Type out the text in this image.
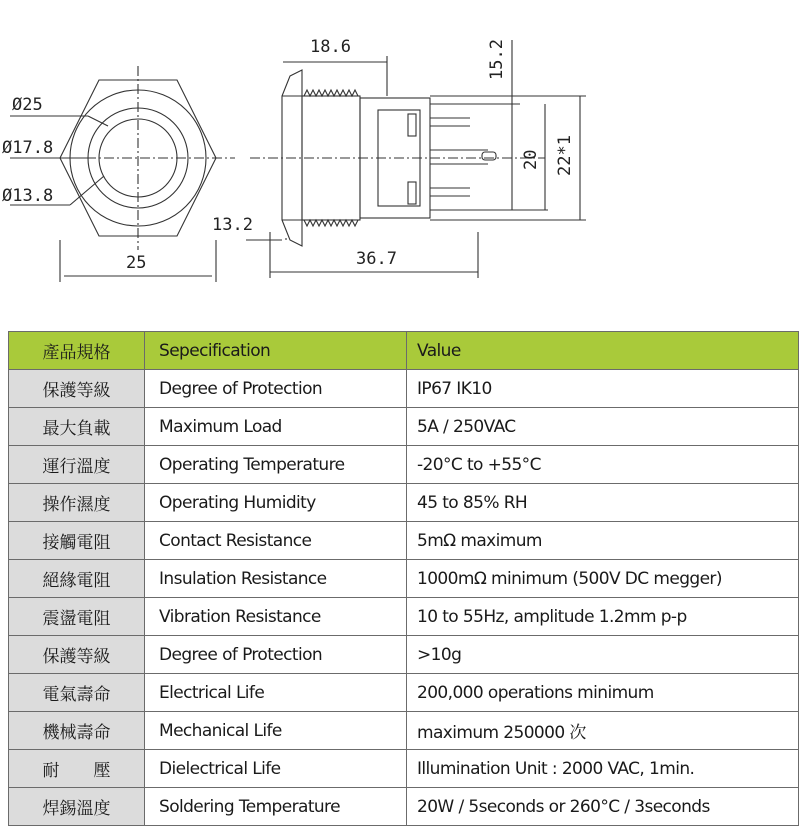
Ø25
Ø17.8
Ø13.8
25
18.6
13.2
36.7
15.2
20 22*1
產品規格	Sepecification	Value
保護等級	Degree of Protection	IP67 IK10
最大負載	Maximum Load	5A / 250VAC
運行溫度	Operating Temperature	-20°C to +55°C
操作濕度	Operating Humidity	45 to 85% RH
接觸電阻	Contact Resistance	5mΩ maximum
絕緣電阻	Insulation Resistance	1000mΩ minimum (500V DC megger)
震盪電阻	Vibration Resistance	10 to 55Hz, amplitude 1.2mm p-p
保護等級	Degree of Protection	>10g
電氣壽命	Electrical Life	200,000 operations minimum
機械壽命	Mechanical Life	maximum 250000 次
耐　　壓	Dielectrical Life	Illumination Unit : 2000 VAC, 1min.
焊錫溫度	Soldering Temperature	20W / 5seconds or 260°C / 3seconds
